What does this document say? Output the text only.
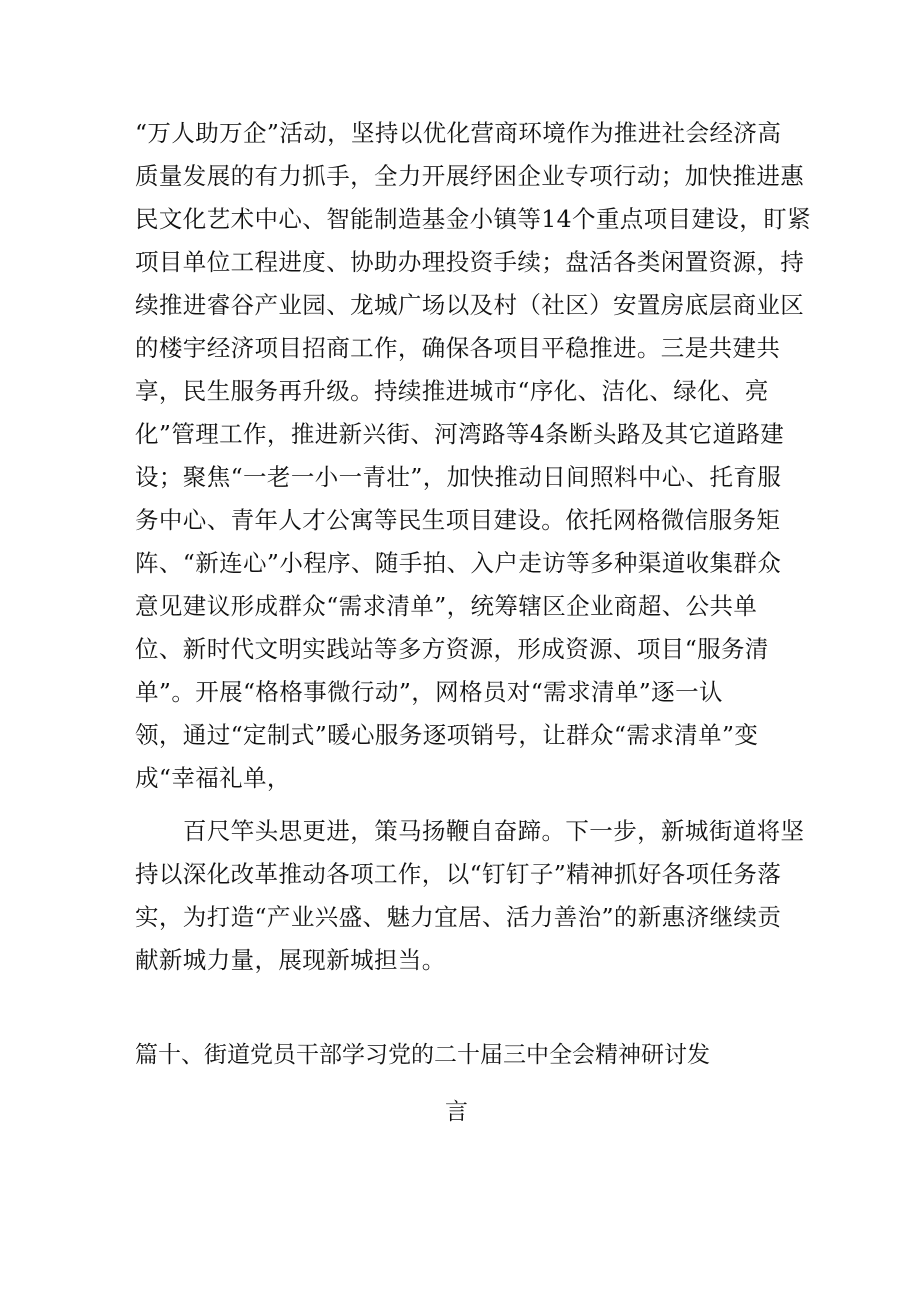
“万人助万企”活动，坚持以优化营商环境作为推进社会经济高
质量发展的有力抓手，全力开展纾困企业专项行动；加快推进惠
民文化艺术中心、智能制造基金小镇等14个重点项目建设，盯紧
项目单位工程进度、协助办理投资手续；盘活各类闲置资源，持
续推进睿谷产业园、龙城广场以及村（社区）安置房底层商业区
的楼宇经济项目招商工作，确保各项目平稳推进。三是共建共
享，民生服务再升级。持续推进城市“序化、洁化、绿化、亮
化”管理工作，推进新兴街、河湾路等4条断头路及其它道路建
设；聚焦“一老一小一青壮”，加快推动日间照料中心、托育服
务中心、青年人才公寓等民生项目建设。依托网格微信服务矩
阵、“新连心”小程序、随手拍、入户走访等多种渠道收集群众
意见建议形成群众“需求清单”，统筹辖区企业商超、公共单
位、新时代文明实践站等多方资源，形成资源、项目“服务清
单”。开展“格格事微行动”，网格员对“需求清单”逐一认
领，通过“定制式”暖心服务逐项销号，让群众“需求清单”变
成“幸福礼单，
百尺竿头思更进，策马扬鞭自奋蹄。下一步，新城街道将坚
持以深化改革推动各项工作，以“钉钉子”精神抓好各项任务落
实，为打造“产业兴盛、魅力宜居、活力善治”的新惠济继续贡
献新城力量，展现新城担当。
篇十、街道党员干部学习党的二十届三中全会精神研讨发
言
